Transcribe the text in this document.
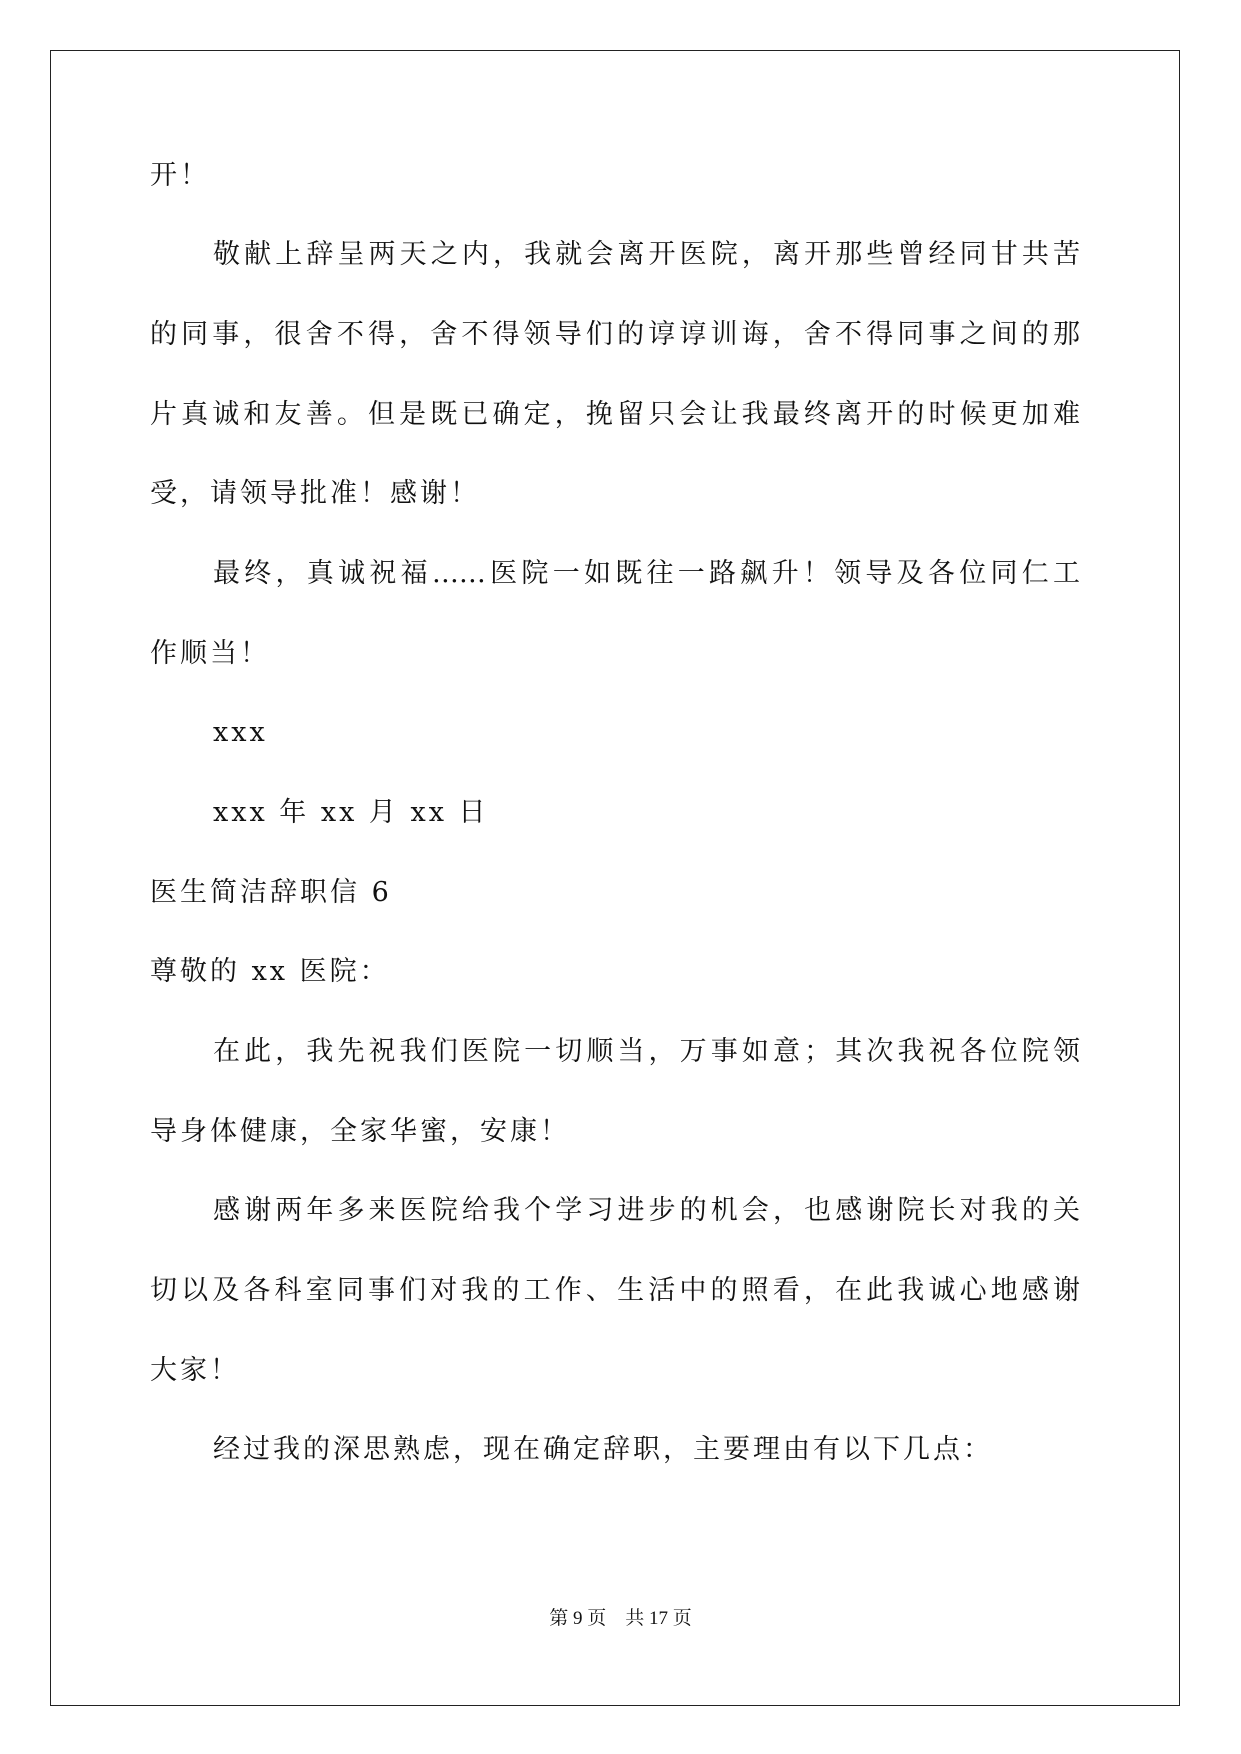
开！
敬献上辞呈两天之内，我就会离开医院，离开那些曾经同甘共苦
的同事，很舍不得，舍不得领导们的谆谆训诲，舍不得同事之间的那
片真诚和友善。但是既已确定，挽留只会让我最终离开的时候更加难
受，请领导批准！感谢！
最终，真诚祝福……医院一如既往一路飙升！领导及各位同仁工
作顺当！
xxx
xxx 年 xx 月 xx 日
医生简洁辞职信 6
尊敬的 xx 医院：
在此，我先祝我们医院一切顺当，万事如意；其次我祝各位院领
导身体健康，全家华蜜，安康！
感谢两年多来医院给我个学习进步的机会，也感谢院长对我的关
切以及各科室同事们对我的工作、生活中的照看，在此我诚心地感谢
大家！
经过我的深思熟虑，现在确定辞职，主要理由有以下几点：
第 9 页    共 17 页
